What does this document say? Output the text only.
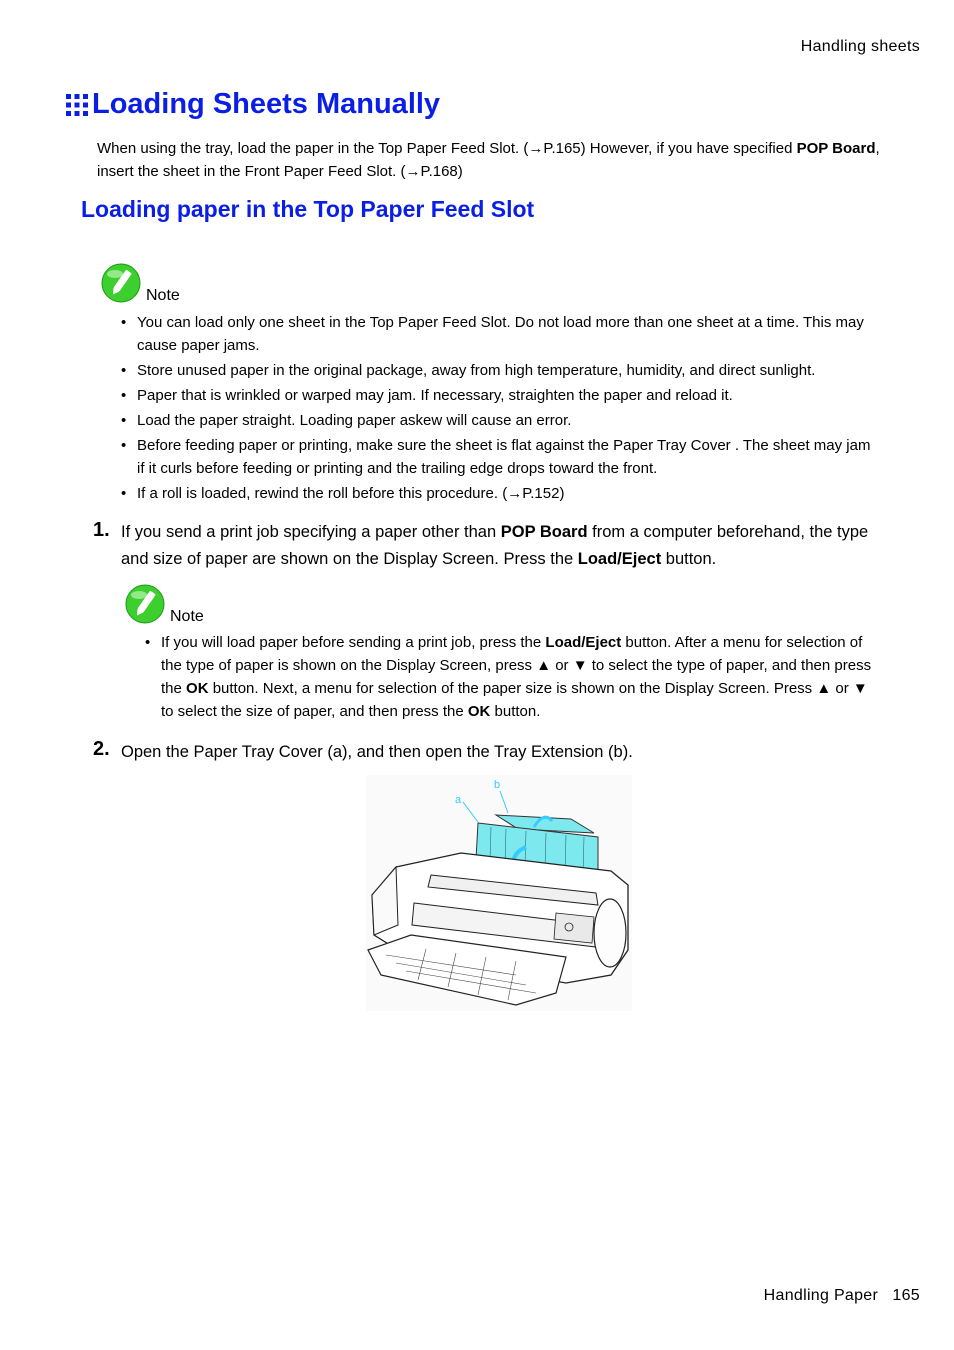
Handling sheets
Loading Sheets Manually
When using the tray, load the paper in the Top Paper Feed Slot. (→P.165) However, if you have specified POP Board, insert the sheet in the Front Paper Feed Slot. (→P.168)
Loading paper in the Top Paper Feed Slot
Note
• You can load only one sheet in the Top Paper Feed Slot. Do not load more than one sheet at a time. This may cause paper jams.
• Store unused paper in the original package, away from high temperature, humidity, and direct sunlight.
• Paper that is wrinkled or warped may jam. If necessary, straighten the paper and reload it.
• Load the paper straight. Loading paper askew will cause an error.
• Before feeding paper or printing, make sure the sheet is flat against the Paper Tray Cover . The sheet may jam if it curls before feeding or printing and the trailing edge drops toward the front.
• If a roll is loaded, rewind the roll before this procedure. (→P.152)
1. If you send a print job specifying a paper other than POP Board from a computer beforehand, the type and size of paper are shown on the Display Screen. Press the Load/Eject button.
Note
• If you will load paper before sending a print job, press the Load/Eject button. After a menu for selection of the type of paper is shown on the Display Screen, press ▲ or ▼ to select the type of paper, and then press the OK button. Next, a menu for selection of the paper size is shown on the Display Screen. Press ▲ or ▼ to select the size of paper, and then press the OK button.
2. Open the Paper Tray Cover (a), and then open the Tray Extension (b).
a
b
Handling Paper 165
